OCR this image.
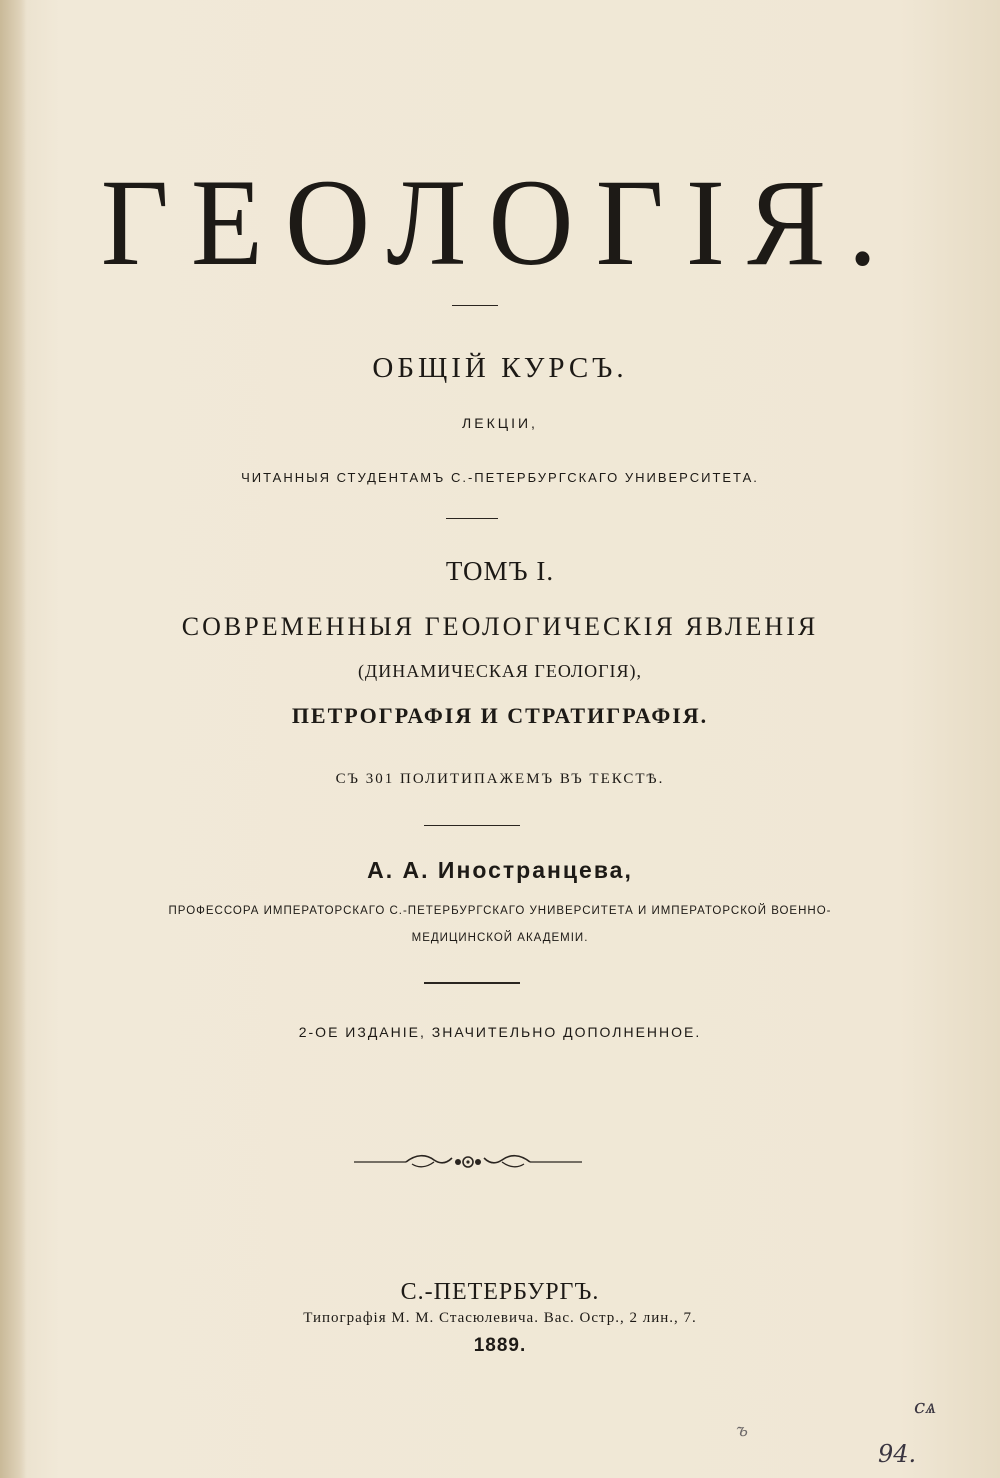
ГЕОЛОГІЯ.
ОБЩІЙ КУРСЪ.
ЛЕКЦІИ,
ЧИТАННЫЯ СТУДЕНТАМЪ С.-ПЕТЕРБУРГСКАГО УНИВЕРСИТЕТА.
ТОМЪ I.
СОВРЕМЕННЫЯ ГЕОЛОГИЧЕСКІЯ ЯВЛЕНІЯ
(ДИНАМИЧЕСКАЯ ГЕОЛОГІЯ),
ПЕТРОГРАФІЯ И СТРАТИГРАФІЯ.
СЪ 301 ПОЛИТИПАЖЕМЪ ВЪ ТЕКСТѢ.
А. А. Иностранцева,
ПРОФЕССОРА ИМПЕРАТОРСКАГО С.-ПЕТЕРБУРГСКАГО УНИВЕРСИТЕТА И ИМПЕРАТОРСКОЙ ВОЕННО-
МЕДИЦИНСКОЙ АКАДЕМІИ.
2-ОЕ ИЗДАНІЕ, ЗНАЧИТЕЛЬНО ДОПОЛНЕННОЕ.
С.-ПЕТЕРБУРГЪ.
Типографія М. М. Стасюлевича. Вас. Остр., 2 лин., 7.
1889.
сѧ
94.
ъ
